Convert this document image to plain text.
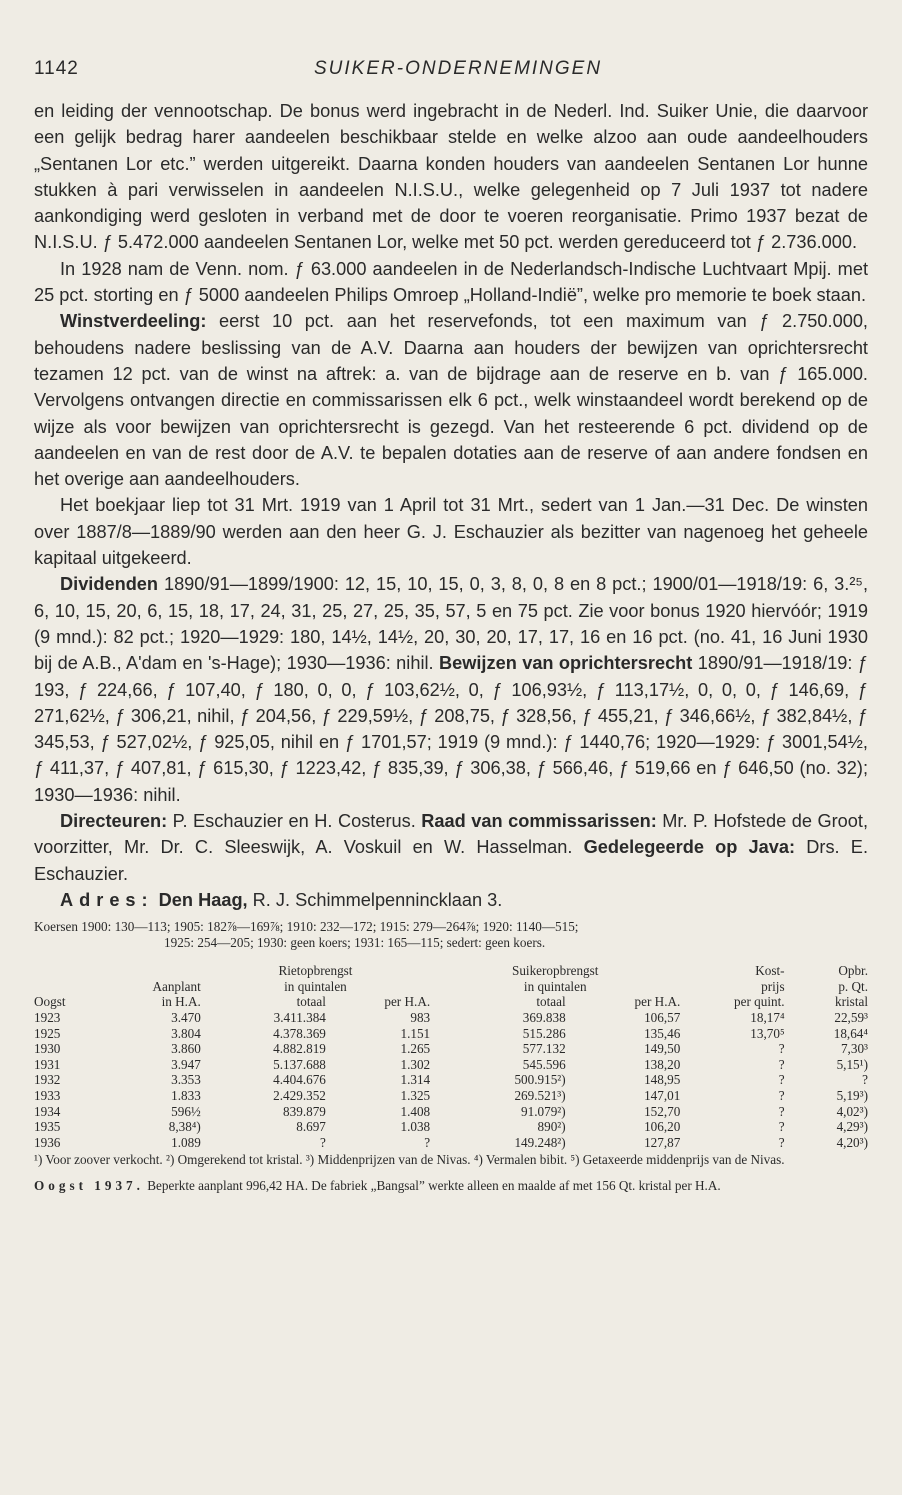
1142	SUIKER-ONDERNEMINGEN

en leiding der vennootschap. De bonus werd ingebracht in de Nederl. Ind. Suiker Unie, die daarvoor een gelijk bedrag harer aandeelen beschikbaar stelde en welke alzoo aan oude aandeelhouders „Sentanen Lor etc.” werden uitgereikt. Daarna konden houders van aandeelen Sentanen Lor hunne stukken à pari verwisselen in aandeelen N.I.S.U., welke gelegenheid op 7 Juli 1937 tot nadere aankondiging werd gesloten in verband met de door te voeren reorganisatie. Primo 1937 bezat de N.I.S.U. ƒ 5.472.000 aandeelen Sentanen Lor, welke met 50 pct. werden gereduceerd tot ƒ 2.736.000.

In 1928 nam de Venn. nom. ƒ 63.000 aandeelen in de Nederlandsch-Indische Luchtvaart Mpij. met 25 pct. storting en ƒ 5000 aandeelen Philips Omroep „Holland-Indië”, welke pro memorie te boek staan.

Winstverdeeling: eerst 10 pct. aan het reservefonds, tot een maximum van ƒ 2.750.000, behoudens nadere beslissing van de A.V. Daarna aan houders der bewijzen van oprichtersrecht tezamen 12 pct. van de winst na aftrek: a. van de bijdrage aan de reserve en b. van ƒ 165.000. Vervolgens ontvangen directie en commissarissen elk 6 pct., welk winstaandeel wordt berekend op de wijze als voor bewijzen van oprichtersrecht is gezegd. Van het resteerende 6 pct. dividend op de aandeelen en van de rest door de A.V. te bepalen dotaties aan de reserve of aan andere fondsen en het overige aan aandeelhouders.

Het boekjaar liep tot 31 Mrt. 1919 van 1 April tot 31 Mrt., sedert van 1 Jan.—31 Dec. De winsten over 1887/8—1889/90 werden aan den heer G. J. Eschauzier als bezitter van nagenoeg het geheele kapitaal uitgekeerd.

Dividenden 1890/91—1899/1900: 12, 15, 10, 15, 0, 3, 8, 0, 8 en 8 pct.; 1900/01—1918/19: 6, 3.²⁵, 6, 10, 15, 20, 6, 15, 18, 17, 24, 31, 25, 27, 25, 35, 57, 5 en 75 pct. Zie voor bonus 1920 hiervóór; 1919 (9 mnd.): 82 pct.; 1920—1929: 180, 14½, 14½, 20, 30, 20, 17, 17, 16 en 16 pct. (no. 41, 16 Juni 1930 bij de A.B., A'dam en 's-Hage); 1930—1936: nihil. Bewijzen van oprichtersrecht 1890/91—1918/19: ƒ 193, ƒ 224,66, ƒ 107,40, ƒ 180, 0, 0, ƒ 103,62½, 0, ƒ 106,93½, ƒ 113,17½, 0, 0, 0, ƒ 146,69, ƒ 271,62½, ƒ 306,21, nihil, ƒ 204,56, ƒ 229,59½, ƒ 208,75, ƒ 328,56, ƒ 455,21, ƒ 346,66½, ƒ 382,84½, ƒ 345,53, ƒ 527,02½, ƒ 925,05, nihil en ƒ 1701,57; 1919 (9 mnd.): ƒ 1440,76; 1920—1929: ƒ 3001,54½, ƒ 411,37, ƒ 407,81, ƒ 615,30, ƒ 1223,42, ƒ 835,39, ƒ 306,38, ƒ 566,46, ƒ 519,66 en ƒ 646,50 (no. 32); 1930—1936: nihil.

Directeuren: P. Eschauzier en H. Costerus. Raad van commissarissen: Mr. P. Hofstede de Groot, voorzitter, Mr. Dr. C. Sleeswijk, A. Voskuil en W. Hasselman. Gedelegeerde op Java: Drs. E. Eschauzier.

Adres: Den Haag, R. J. Schimmelpennincklaan 3.

Koersen 1900: 130—113; 1905: 182⅞—169⅞; 1910: 232—172; 1915: 279—264⅞; 1920: 1140—515;
1925: 254—205; 1930: geen koers; 1931: 165—115; sedert: geen koers.
		Rietopbrengst		Suikeropbrengst		Kost-	Opbr.
	Aanplant	in quintalen		in quintalen		prijs	p. Qt.
Oogst	in H.A.	totaal	per H.A.	totaal	per H.A.	per quint.	kristal
1923	3.470	3.411.384	983	369.838	106,57	18,17⁴	22,59³
1925	3.804	4.378.369	1.151	515.286	135,46	13,70⁵	18,64⁴
1930	3.860	4.882.819	1.265	577.132	149,50	?	7,30³
1931	3.947	5.137.688	1.302	545.596	138,20	?	5,15¹)
1932	3.353	4.404.676	1.314	500.915²)	148,95	?	?
1933	1.833	2.429.352	1.325	269.521³)	147,01	?	5,19³)
1934	596½	839.879	1.408	91.079²)	152,70	?	4,02³)
1935	8,38⁴)	8.697	1.038	890²)	106,20	?	4,29³)
1936	1.089	?	?	149.248²)	127,87	?	4,20³)
¹) Voor zoover verkocht. ²) Omgerekend tot kristal. ³) Middenprijzen van de Nivas. ⁴) Vermalen bibit. ⁵) Getaxeerde middenprijs van de Nivas.
Oogst 1937. Beperkte aanplant 996,42 HA. De fabriek „Bangsal” werkte alleen en maalde af met 156 Qt. kristal per H.A.
